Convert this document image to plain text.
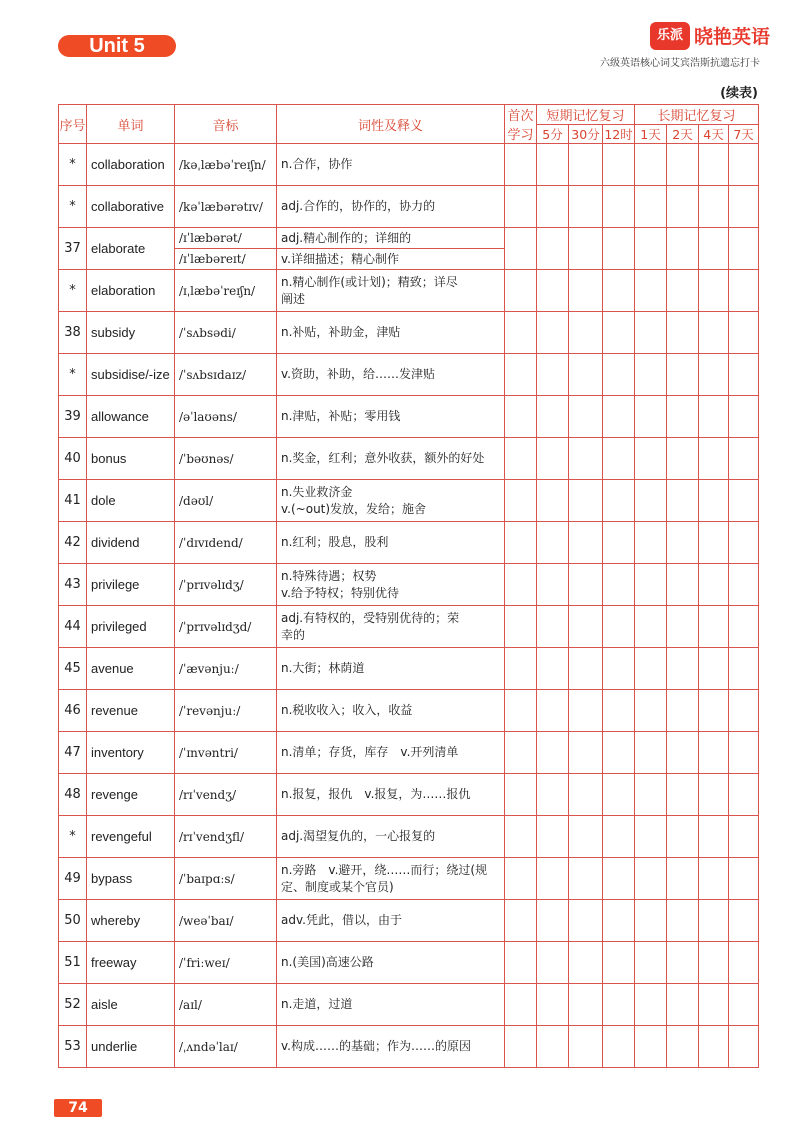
Unit 5	乐派 晓艳英语
六级英语核心词艾宾浩斯抗遗忘打卡
(续表)
序号	单词	音标	词性及释义	首次学习	短期记忆复习			长期记忆复习			
					5分	30分	12时	1天	2天	4天	7天
*	collaboration	/kəˌlæbəˈreɪʃn/	n.合作，协作								

*	collaborative	/kəˈlæbərətɪv/	adj.合作的，协作的，协力的								

37	elaborate	/ɪˈlæbərət/	adj.精心制作的；详细的								

		/ɪˈlæbəreɪt/	v.详细描述；精心制作								

*	elaboration	/ɪˌlæbəˈreɪʃn/	n.精心制作(或计划)；精致；详尽
阐述								

38	subsidy	/ˈsʌbsədi/	n.补贴，补助金，津贴								

*	subsidise/-ize	/ˈsʌbsɪdaɪz/	v.资助，补助，给……发津贴								

39	allowance	/əˈlaʊəns/	n.津贴，补贴；零用钱								

40	bonus	/ˈbəʊnəs/	n.奖金，红利；意外收获，额外的好处								

41	dole	/dəʊl/	n.失业救济金
v.(~out)发放，发给；施舍								

42	dividend	/ˈdɪvɪdend/	n.红利；股息，股利								

43	privilege	/ˈprɪvəlɪdʒ/	n.特殊待遇；权势
v.给予特权；特别优待								

44	privileged	/ˈprɪvəlɪdʒd/	adj.有特权的，受特别优待的；荣
幸的								

45	avenue	/ˈævənjuː/	n.大街；林荫道								

46	revenue	/ˈrevənjuː/	n.税收收入；收入，收益								

47	inventory	/ˈɪnvəntri/	n.清单；存货，库存　v.开列清单								

48	revenge	/rɪˈvendʒ/	n.报复，报仇　v.报复，为……报仇								

*	revengeful	/rɪˈvendʒfl/	adj.渴望复仇的，一心报复的								

49	bypass	/ˈbaɪpɑːs/	n.旁路　v.避开，绕……而行；绕过(规
定、制度或某个官员)								

50	whereby	/weəˈbaɪ/	adv.凭此，借以，由于								

51	freeway	/ˈfriːweɪ/	n.(美国)高速公路								

52	aisle	/aɪl/	n.走道，过道								

53	underlie	/ˌʌndəˈlaɪ/	v.构成……的基础；作为……的原因								

74
